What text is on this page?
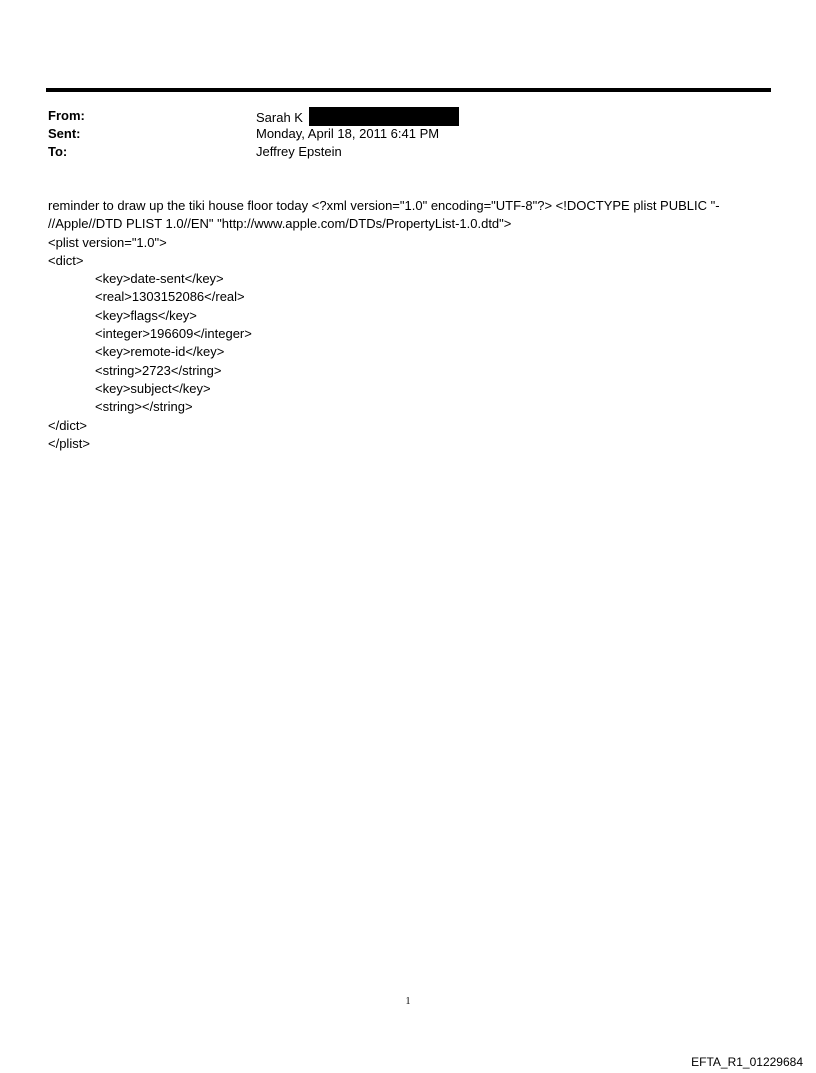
From:	Sarah K
Sent:	Monday, April 18, 2011 6:41 PM
To:	Jeffrey Epstein
reminder to draw up the tiki house floor today <?xml version="1.0" encoding="UTF-8"?> <!DOCTYPE plist PUBLIC "-
//Apple//DTD PLIST 1.0//EN" "http://www.apple.com/DTDs/PropertyList-1.0.dtd">
<plist version="1.0">
<dict>
<key>date-sent</key>
<real>1303152086</real>
<key>flags</key>
<integer>196609</integer>
<key>remote-id</key>
<string>2723</string>
<key>subject</key>
<string></string>
</dict>
</plist>
1
EFTA_R1_01229684
